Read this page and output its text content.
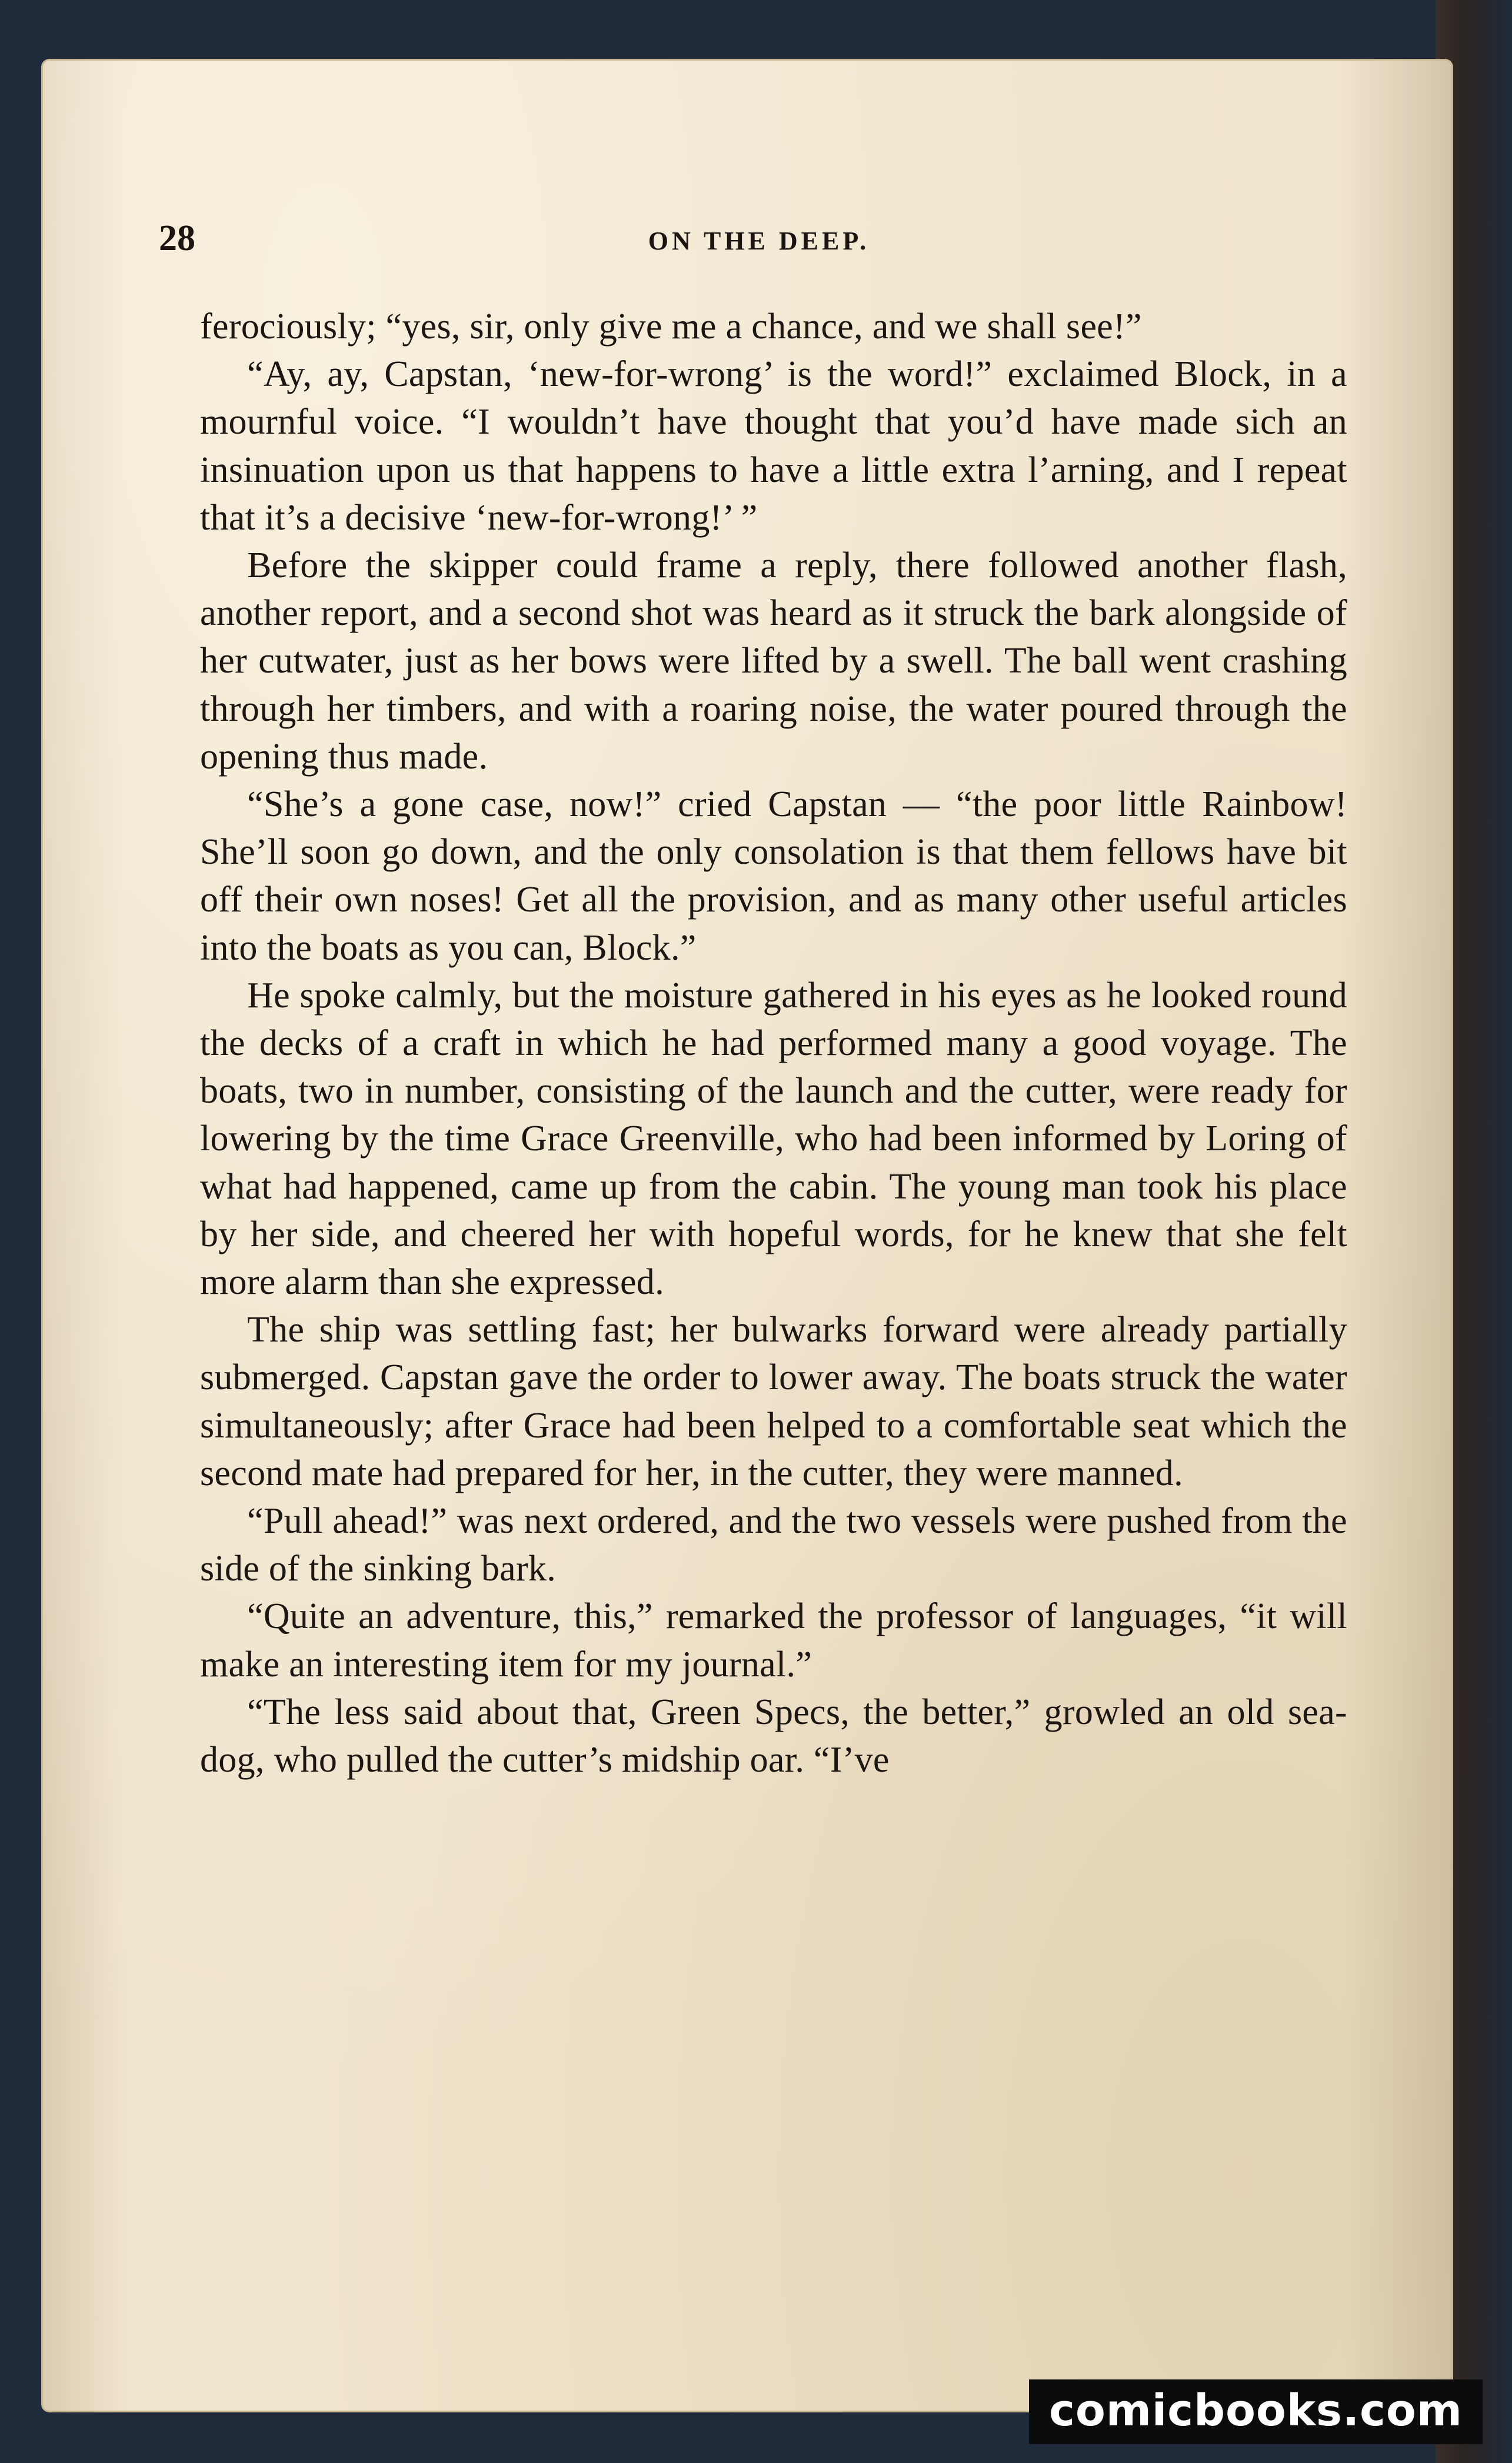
28	ON THE DEEP.

ferociously; “yes, sir, only give me a chance, and we shall see!”

“Ay, ay, Capstan, ‘new-for-wrong’ is the word!” exclaimed Block, in a mournful voice. “I wouldn’t have thought that you’d have made sich an insinuation upon us that happens to have a little extra l’arning, and I repeat that it’s a decisive ‘new-for-wrong!’ ”

Before the skipper could frame a reply, there followed another flash, another report, and a second shot was heard as it struck the bark alongside of her cutwater, just as her bows were lifted by a swell. The ball went crashing through her timbers, and with a roaring noise, the water poured through the opening thus made.

“She’s a gone case, now!” cried Capstan — “the poor little Rainbow! She’ll soon go down, and the only consolation is that them fellows have bit off their own noses! Get all the provision, and as many other useful articles into the boats as you can, Block.”

He spoke calmly, but the moisture gathered in his eyes as he looked round the decks of a craft in which he had performed many a good voyage. The boats, two in number, consisting of the launch and the cutter, were ready for lowering by the time Grace Greenville, who had been informed by Loring of what had happened, came up from the cabin. The young man took his place by her side, and cheered her with hopeful words, for he knew that she felt more alarm than she expressed.

The ship was settling fast; her bulwarks forward were already partially submerged. Capstan gave the order to lower away. The boats struck the water simultaneously; after Grace had been helped to a comfortable seat which the second mate had prepared for her, in the cutter, they were manned.

“Pull ahead!” was next ordered, and the two vessels were pushed from the side of the sinking bark.

“Quite an adventure, this,” remarked the professor of languages, “it will make an interesting item for my journal.”

“The less said about that, Green Specs, the better,” growled an old sea-dog, who pulled the cutter’s midship oar. “I’ve

comicbooks.com
